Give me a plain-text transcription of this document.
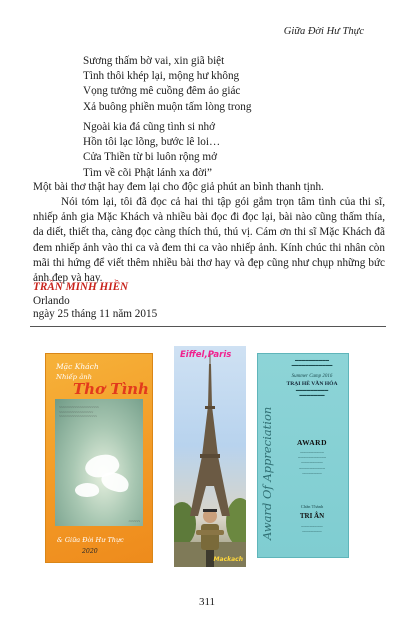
Giữa Đời Hư Thực
Sương thấm bờ vai, xin giã biệt
Tình thôi khép lại, mộng hư không
Vọng tưởng mê cuồng đêm ảo giác
Xả buông phiền muộn tấm lòng trong
Ngoài kia đá cũng tình si nhớ
Hồn tôi lạc lõng, bước lê loi…
Cửa Thiền từ bi luôn rộng mở
Tìm về cõi Phật lánh xa đời”
Một bài thơ thật hay đem lại cho độc giả phút an bình thanh tịnh.
Nói tóm lại, tôi đã đọc cả hai thi tập gói gắm trọn tâm tình của thi sĩ, nhiếp ảnh gia Mặc Khách và nhiều bài đọc đi đọc lại, bài nào cũng thấm thía, da diết, thiết tha, càng đọc càng thích thú, thú vị. Cám ơn thi sĩ Mặc Khách đã đem nhiếp ảnh vào thi ca và đem thi ca vào nhiếp ảnh. Kính chúc thi nhân còn mãi thi hứng để viết thêm nhiều bài thơ hay và đẹp cũng như chụp những bức ảnh đẹp và hay.
TRẦN MINH HIỀN
Orlando
ngày 25 tháng 11 năm 2015
Mặc Khách
Nhiếp ảnh
Thơ Tình
~~~~~~~~~~~~~~~~~~~~~
~~~~~~~~~~~~~~~~~~
~~~~~~~~~~~~~~~~~~~~
~~~~~~
& Giữa Đời Hư Thực
2020
Eiffel,Paris
Mackach
Award Of Appreciation
▬▬▬▬▬▬▬▬▬▬
▬▬▬▬▬▬▬▬▬▬▬▬
Summer Camp 2016
TRẠI HÈ VĂN HÓA
▬▬▬▬▬▬▬▬▬
▬▬▬▬▬▬▬
AWARD
~~~~~~~~~~~
~~~~~~~~~~~~~
~~~~~~~~~~
~~~~~~~~~~~~
~~~~~~~~~
Chân Thành
TRI ÂN
~~~~~~~~~~
~~~~~~~~~
311
